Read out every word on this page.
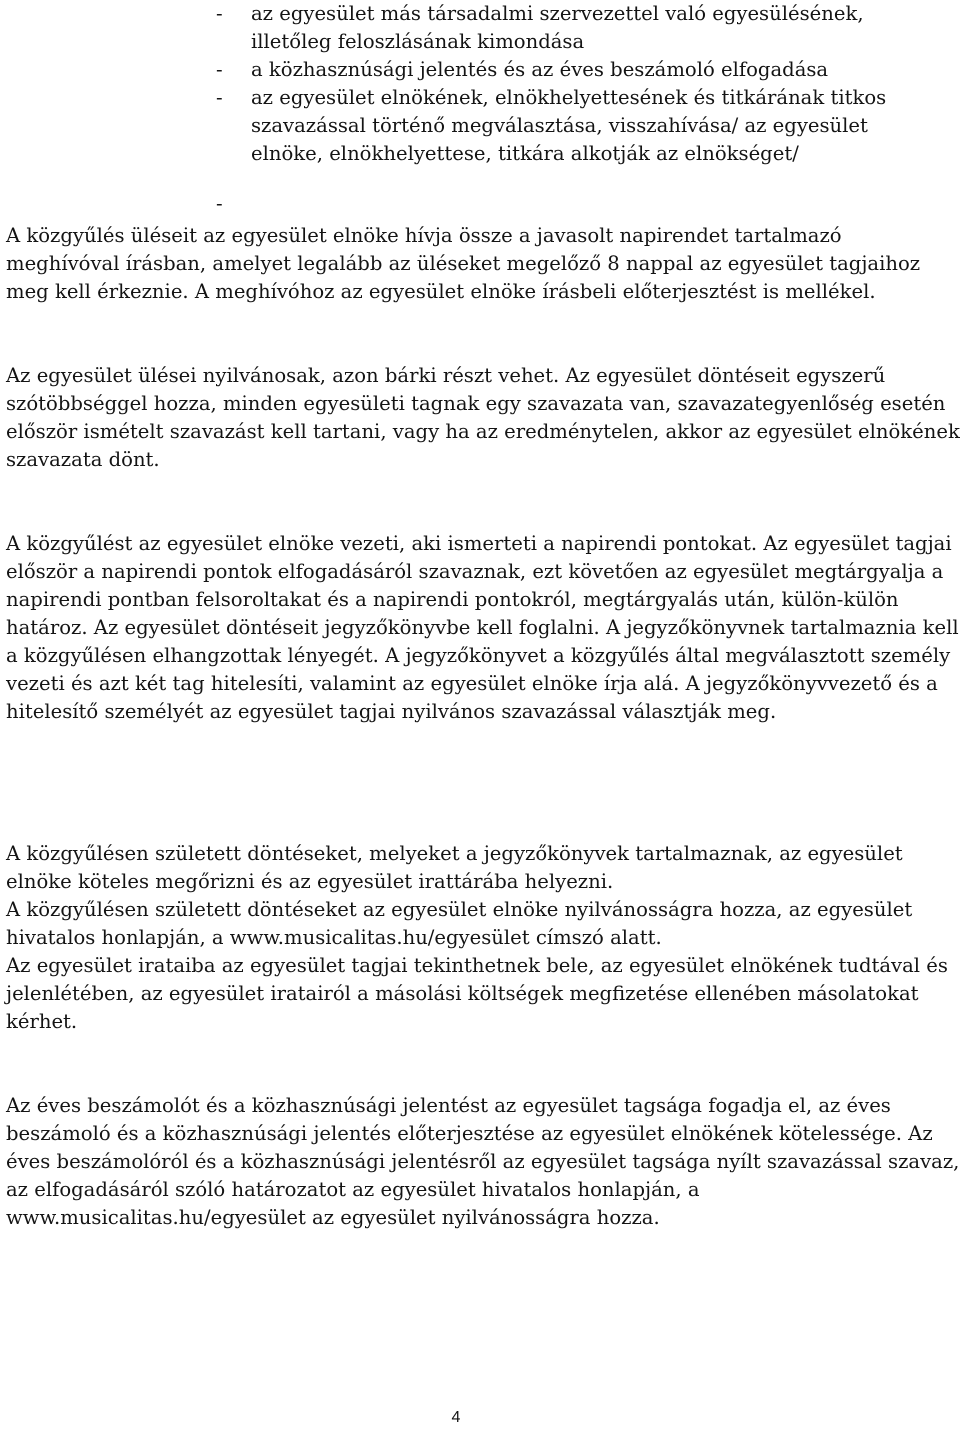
- az egyesület más társadalmi szervezettel való egyesülésének, illetőleg feloszlásának kimondása
- a közhasznúsági jelentés és az éves beszámoló elfogadása
- az egyesület elnökének, elnökhelyettesének és titkárának titkos szavazással történő megválasztása, visszahívása/ az egyesület elnöke, elnökhelyettese, titkára alkotják az elnökséget/
-

A közgyűlés üléseit az egyesület elnöke hívja össze a javasolt napirendet tartalmazó meghívóval írásban, amelyet legalább az üléseket megelőző 8 nappal az egyesület tagjaihoz meg kell érkeznie. A meghívóhoz az egyesület elnöke írásbeli előterjesztést is mellékel.

Az egyesület ülései nyilvánosak, azon bárki részt vehet. Az egyesület döntéseit egyszerű szótöbbséggel hozza, minden egyesületi tagnak egy szavazata van, szavazategyenlőség esetén először ismételt szavazást kell tartani, vagy ha az eredménytelen, akkor az egyesület elnökének szavazata dönt.

A közgyűlést az egyesület elnöke vezeti, aki ismerteti a napirendi pontokat. Az egyesület tagjai először a napirendi pontok elfogadásáról szavaznak, ezt követően az egyesület megtárgyalja a napirendi pontban felsoroltakat és a napirendi pontokról, megtárgyalás után, külön-külön határoz. Az egyesület döntéseit jegyzőkönyvbe kell foglalni. A jegyzőkönyvnek tartalmaznia kell a közgyűlésen elhangzottak lényegét. A jegyzőkönyvet a közgyűlés által megválasztott személy vezeti és azt két tag hitelesíti, valamint az egyesület elnöke írja alá. A jegyzőkönyvvezető és a hitelesítő személyét az egyesület tagjai nyilvános szavazással választják meg.

A közgyűlésen született döntéseket, melyeket a jegyzőkönyvek tartalmaznak, az egyesület elnöke köteles megőrizni és az egyesület irattárába helyezni.

A közgyűlésen született döntéseket az egyesület elnöke nyilvánosságra hozza, az egyesület hivatalos honlapján, a www.musicalitas.hu/egyesület címszó alatt.

Az egyesület irataiba az egyesület tagjai tekinthetnek bele, az egyesület elnökének tudtával és jelenlétében, az egyesület iratairól a másolási költségek megfizetése ellenében másolatokat kérhet.

Az éves beszámolót és a közhasznúsági jelentést az egyesület tagsága fogadja el, az éves beszámoló és a közhasznúsági jelentés előterjesztése az egyesület elnökének kötelessége. Az éves beszámolóról és a közhasznúsági jelentésről az egyesület tagsága nyílt szavazással szavaz, az elfogadásáról szóló határozatot az egyesület hivatalos honlapján, a www.musicalitas.hu/egyesület az egyesület nyilvánosságra hozza.

4
